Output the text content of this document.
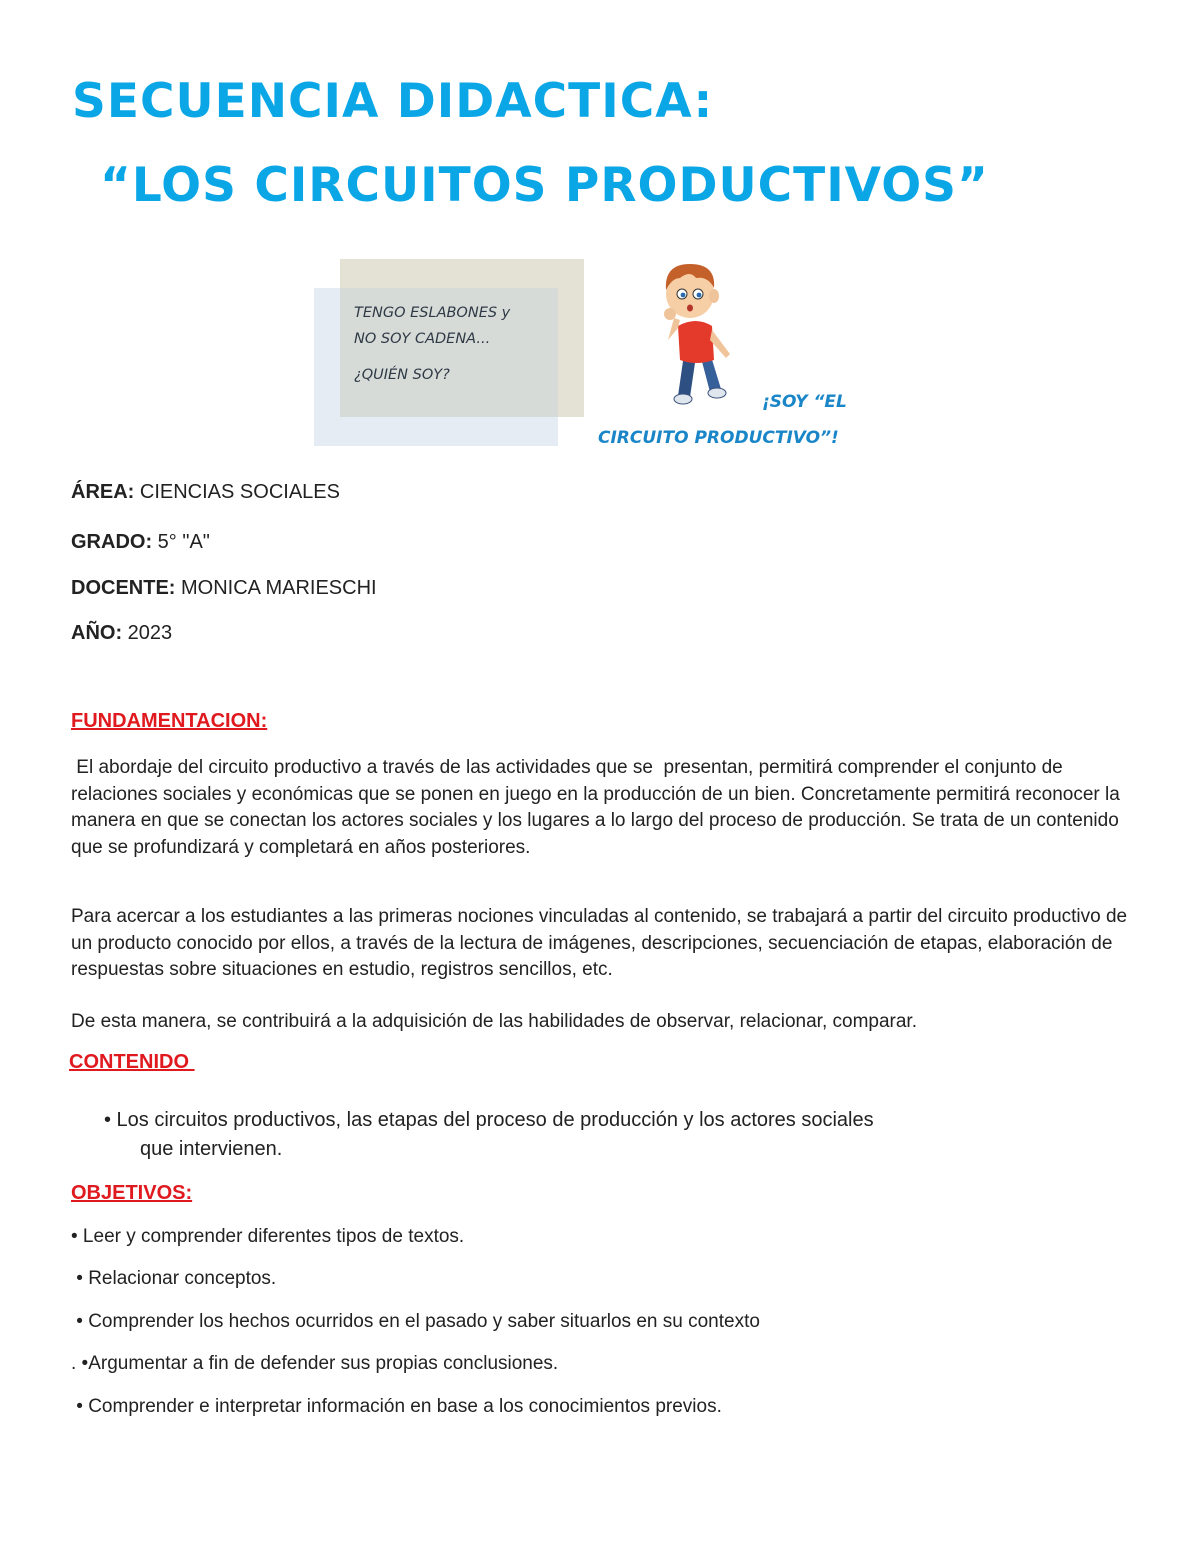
SECUENCIA DIDACTICA:
“LOS CIRCUITOS PRODUCTIVOS”
TENGO ESLABONES y
NO SOY CADENA...
¿QUIÉN SOY?
¡SOY “EL
CIRCUITO PRODUCTIVO”!
ÁREA: CIENCIAS SOCIALES
GRADO: 5° "A"
DOCENTE: MONICA MARIESCHI
AÑO: 2023
FUNDAMENTACION:
El abordaje del circuito productivo a través de las actividades que se  presentan, permitirá comprender el conjunto de relaciones sociales y económicas que se ponen en juego en la producción de un bien. Concretamente permitirá reconocer la manera en que se conectan los actores sociales y los lugares a lo largo del proceso de producción. Se trata de un contenido que se profundizará y completará en años posteriores.
Para acercar a los estudiantes a las primeras nociones vinculadas al contenido, se trabajará a partir del circuito productivo de un producto conocido por ellos, a través de la lectura de imágenes, descripciones, secuenciación de etapas, elaboración de respuestas sobre situaciones en estudio, registros sencillos, etc.
De esta manera, se contribuirá a la adquisición de las habilidades de observar, relacionar, comparar.
CONTENIDO
• Los circuitos productivos, las etapas del proceso de producción y los actores sociales
que intervienen.
OBJETIVOS:
• Leer y comprender diferentes tipos de textos.
• Relacionar conceptos.
• Comprender los hechos ocurridos en el pasado y saber situarlos en su contexto
. •Argumentar a fin de defender sus propias conclusiones.
• Comprender e interpretar información en base a los conocimientos previos.
